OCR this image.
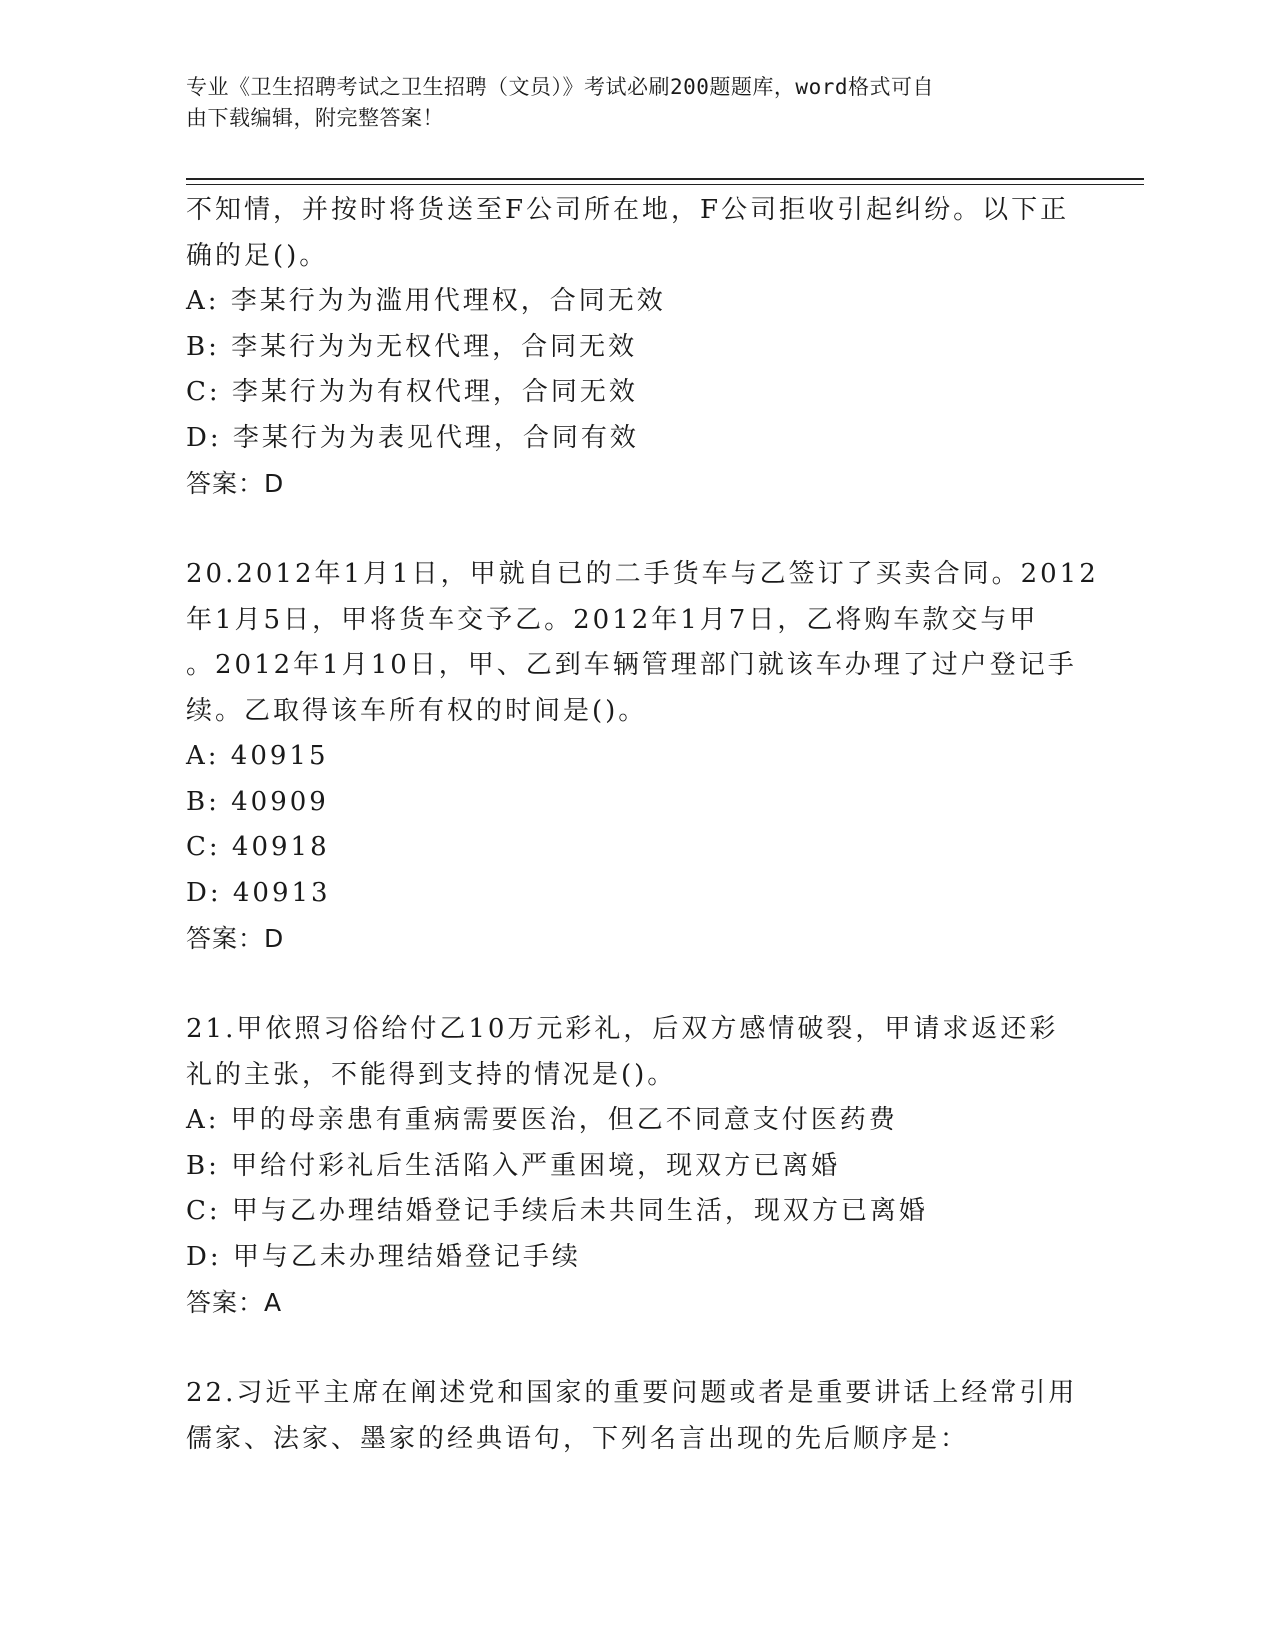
专业《卫生招聘考试之卫生招聘（文员）》考试必刷200题题库，word格式可自
由下载编辑，附完整答案！
不知情，并按时将货送至F公司所在地，F公司拒收引起纠纷。以下正
确的足()。
A: 李某行为为滥用代理权，合同无效
B: 李某行为为无权代理，合同无效
C: 李某行为为有权代理，合同无效
D: 李某行为为表见代理，合同有效
答案：D
20.2012年1月1日，甲就自已的二手货车与乙签订了买卖合同。2012
年1月5日，甲将货车交予乙。2012年1月7日，乙将购车款交与甲
。2012年1月10日，甲、乙到车辆管理部门就该车办理了过户登记手
续。乙取得该车所有权的时间是()。
A: 40915
B: 40909
C: 40918
D: 40913
答案：D
21.甲依照习俗给付乙10万元彩礼，后双方感情破裂，甲请求返还彩
礼的主张，不能得到支持的情况是()。
A: 甲的母亲患有重病需要医治，但乙不同意支付医药费
B: 甲给付彩礼后生活陷入严重困境，现双方已离婚
C: 甲与乙办理结婚登记手续后未共同生活，现双方已离婚
D: 甲与乙未办理结婚登记手续
答案：A
22.习近平主席在阐述党和国家的重要问题或者是重要讲话上经常引用
儒家、法家、墨家的经典语句，下列名言出现的先后顺序是：
